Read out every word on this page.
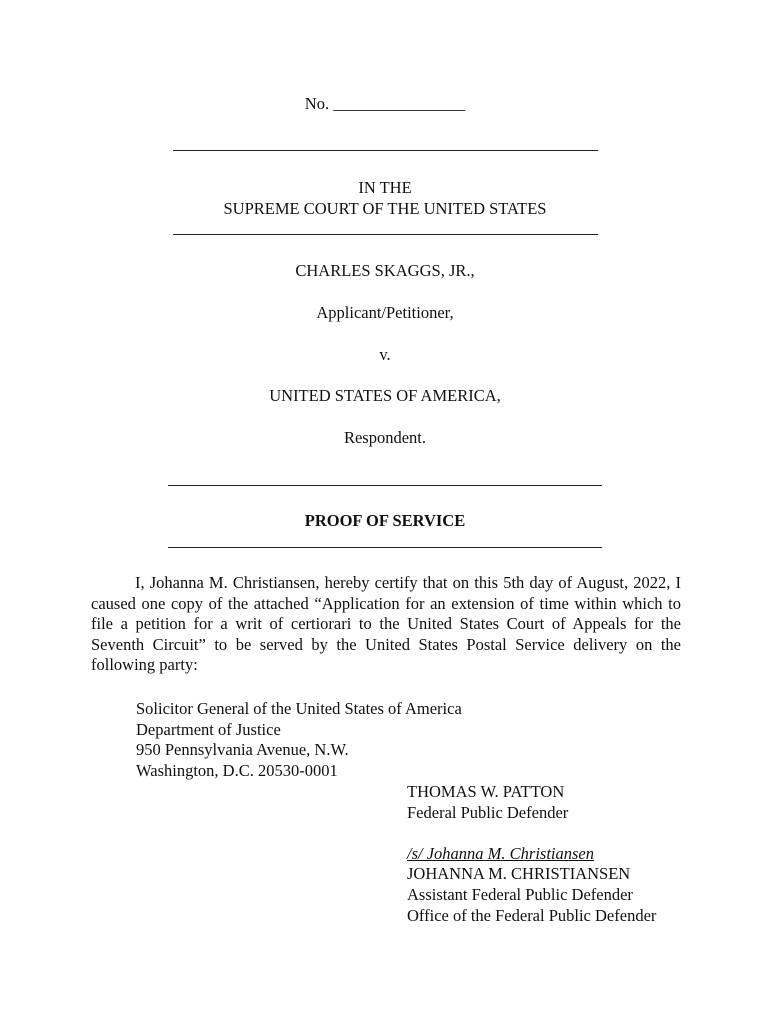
No. ________________
IN THE
SUPREME COURT OF THE UNITED STATES
CHARLES SKAGGS, JR.,
Applicant/Petitioner,
v.
UNITED STATES OF AMERICA,
Respondent.
PROOF OF SERVICE
I, Johanna M. Christiansen, hereby certify that on this 5th day of August, 2022, I caused one copy of the attached “Application for an extension of time within which to file a petition for a writ of certiorari to the United States Court of Appeals for the Seventh Circuit” to be served by the United States Postal Service delivery on the following party:
Solicitor General of the United States of America
Department of Justice
950 Pennsylvania Avenue, N.W.
Washington, D.C. 20530-0001
THOMAS W. PATTON
Federal Public Defender
/s/ Johanna M. Christiansen
JOHANNA M. CHRISTIANSEN
Assistant Federal Public Defender
Office of the Federal Public Defender
